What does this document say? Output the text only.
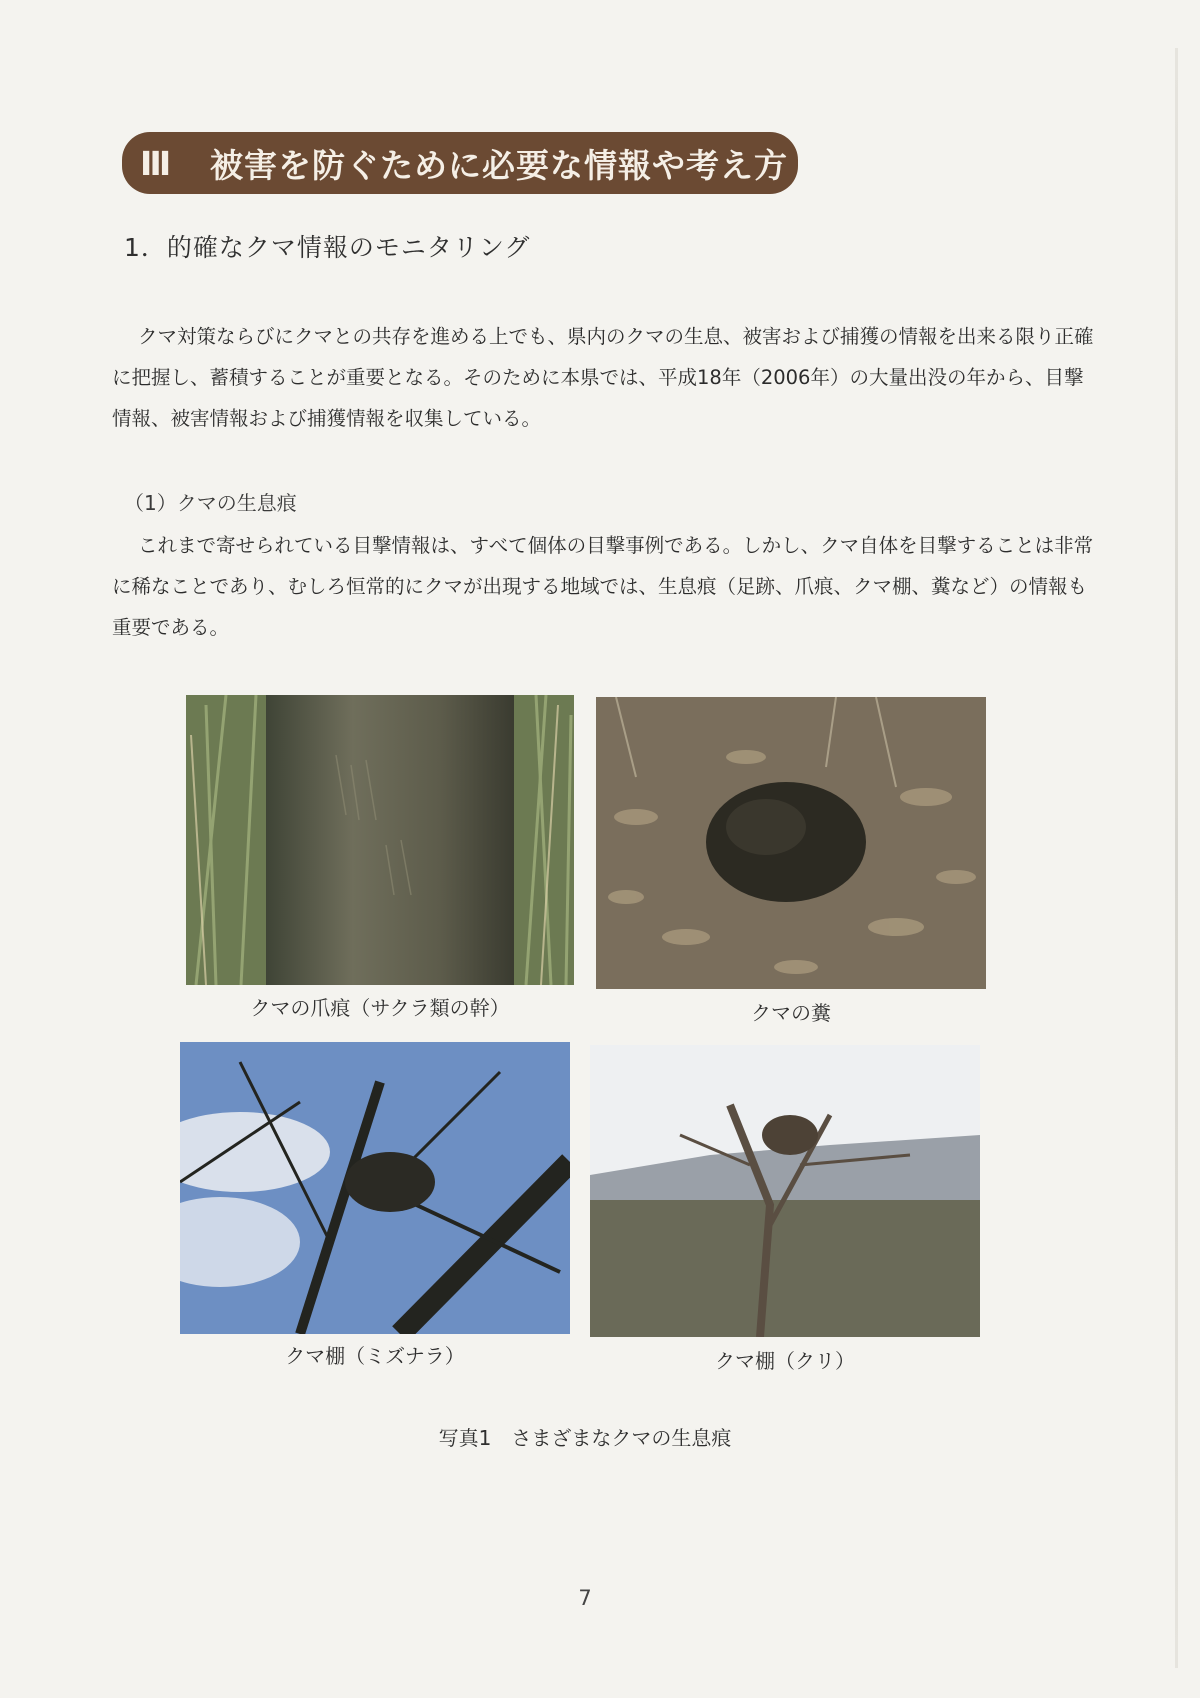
Ⅲ	被害を防ぐために必要な情報や考え方
1．的確なクマ情報のモニタリング

クマ対策ならびにクマとの共存を進める上でも、県内のクマの生息、被害および捕獲の情報を出来る限り正確に把握し、蓄積することが重要となる。そのために本県では、平成18年（2006年）の大量出没の年から、目撃情報、被害情報および捕獲情報を収集している。

（1）クマの生息痕

これまで寄せられている目撃情報は、すべて個体の目撃事例である。しかし、クマ自体を目撃することは非常に稀なことであり、むしろ恒常的にクマが出現する地域では、生息痕（足跡、爪痕、クマ棚、糞など）の情報も重要である。

クマの爪痕（サクラ類の幹）	クマの糞
クマ棚（ミズナラ）	クマ棚（クリ）
写真1　さまざまなクマの生息痕
7
